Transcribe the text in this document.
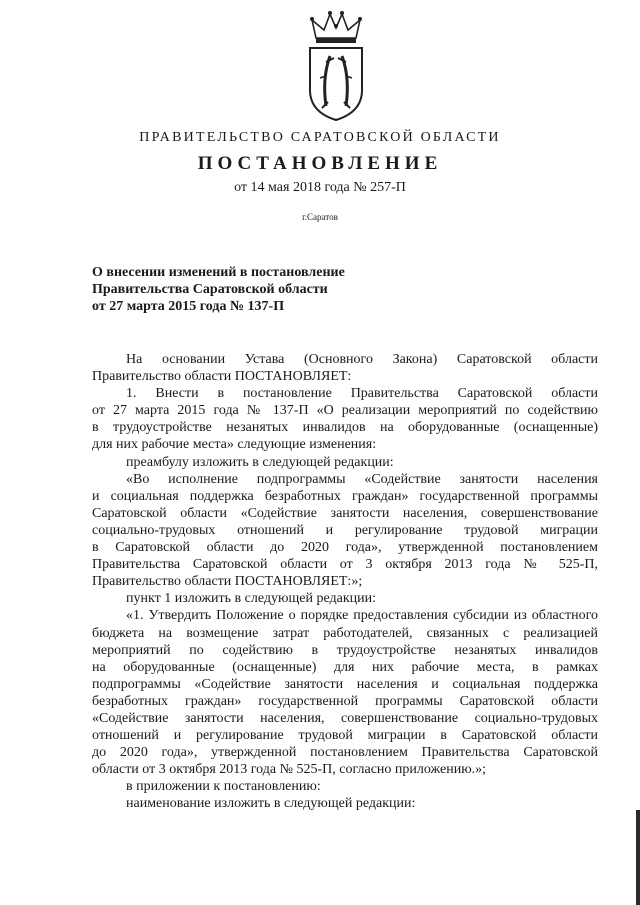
ПРАВИТЕЛЬСТВО САРАТОВСКОЙ ОБЛАСТИ
ПОСТАНОВЛЕНИЕ
от 14 мая 2018 года № 257-П
г.Саратов
О внесении изменений в постановление
Правительства Саратовской области
от 27 марта 2015 года № 137-П
На основании Устава (Основного Закона) Саратовской области
Правительство области ПОСТАНОВЛЯЕТ:
1. Внести в постановление Правительства Саратовской области
от 27 марта 2015 года № 137-П «О реализации мероприятий по содействию
в трудоустройстве незанятых инвалидов на оборудованные (оснащенные)
для них рабочие места» следующие изменения:
преамбулу изложить в следующей редакции:
«Во исполнение подпрограммы «Содействие занятости населения
и социальная поддержка безработных граждан» государственной программы
Саратовской области «Содействие занятости населения, совершенствование
социально-трудовых отношений и регулирование трудовой миграции
в Саратовской области до 2020 года», утвержденной постановлением
Правительства Саратовской области от 3 октября 2013 года № 525-П,
Правительство области ПОСТАНОВЛЯЕТ:»;
пункт 1 изложить в следующей редакции:
«1. Утвердить Положение о порядке предоставления субсидии из областного
бюджета на возмещение затрат работодателей, связанных с реализацией
мероприятий по содействию в трудоустройстве незанятых инвалидов
на оборудованные (оснащенные) для них рабочие места, в рамках
подпрограммы «Содействие занятости населения и социальная поддержка
безработных граждан» государственной программы Саратовской области
«Содействие занятости населения, совершенствование социально-трудовых
отношений и регулирование трудовой миграции в Саратовской области
до 2020 года», утвержденной постановлением Правительства Саратовской
области от 3 октября 2013 года № 525-П, согласно приложению.»;
в приложении к постановлению:
наименование изложить в следующей редакции:
